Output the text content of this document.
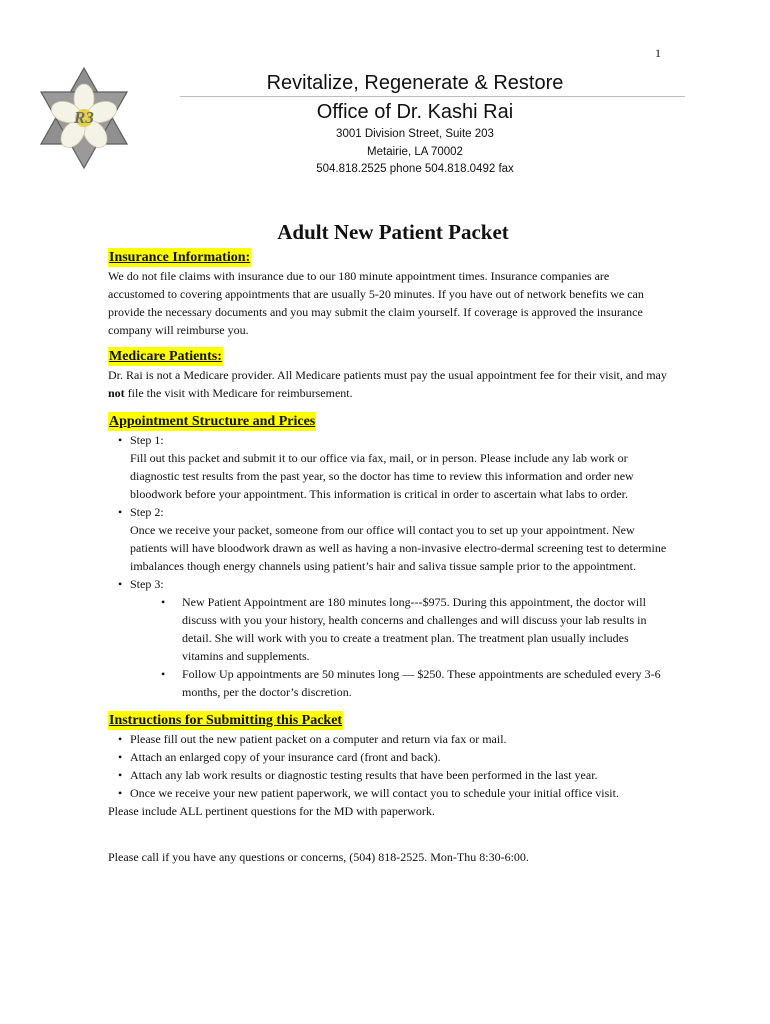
1
R3
Revitalize, Regenerate & Restore
Office of Dr. Kashi Rai
3001 Division Street, Suite 203
Metairie, LA 70002
504.818.2525 phone 504.818.0492 fax
Adult New Patient Packet
Insurance Information:

We do not file claims with insurance due to our 180 minute appointment times. Insurance companies are accustomed to covering appointments that are usually 5-20 minutes. If you have out of network benefits we can provide the necessary documents and you may submit the claim yourself. If coverage is approved the insurance company will reimburse you.

Medicare Patients:

Dr. Rai is not a Medicare provider. All Medicare patients must pay the usual appointment fee for their visit, and may not file the visit with Medicare for reimbursement.

Appointment Structure and Prices
• Step 1:
Fill out this packet and submit it to our office via fax, mail, or in person. Please include any lab work or diagnostic test results from the past year, so the doctor has time to review this information and order new bloodwork before your appointment. This information is critical in order to ascertain what labs to order.
• Step 2:
Once we receive your packet, someone from our office will contact you to set up your appointment. New patients will have bloodwork drawn as well as having a non-invasive electro-dermal screening test to determine imbalances though energy channels using patient’s hair and saliva tissue sample prior to the appointment.
• Step 3:
• New Patient Appointment are 180 minutes long---$975. During this appointment, the doctor will discuss with you your history, health concerns and challenges and will discuss your lab results in detail. She will work with you to create a treatment plan. The treatment plan usually includes vitamins and supplements.
• Follow Up appointments are 50 minutes long — $250. These appointments are scheduled every 3-6 months, per the doctor’s discretion.
Instructions for Submitting this Packet
• Please fill out the new patient packet on a computer and return via fax or mail.
• Attach an enlarged copy of your insurance card (front and back).
• Attach any lab work results or diagnostic testing results that have been performed in the last year.
• Once we receive your new patient paperwork, we will contact you to schedule your initial office visit.

Please include ALL pertinent questions for the MD with paperwork.

Please call if you have any questions or concerns, (504) 818-2525. Mon-Thu 8:30-6:00.
